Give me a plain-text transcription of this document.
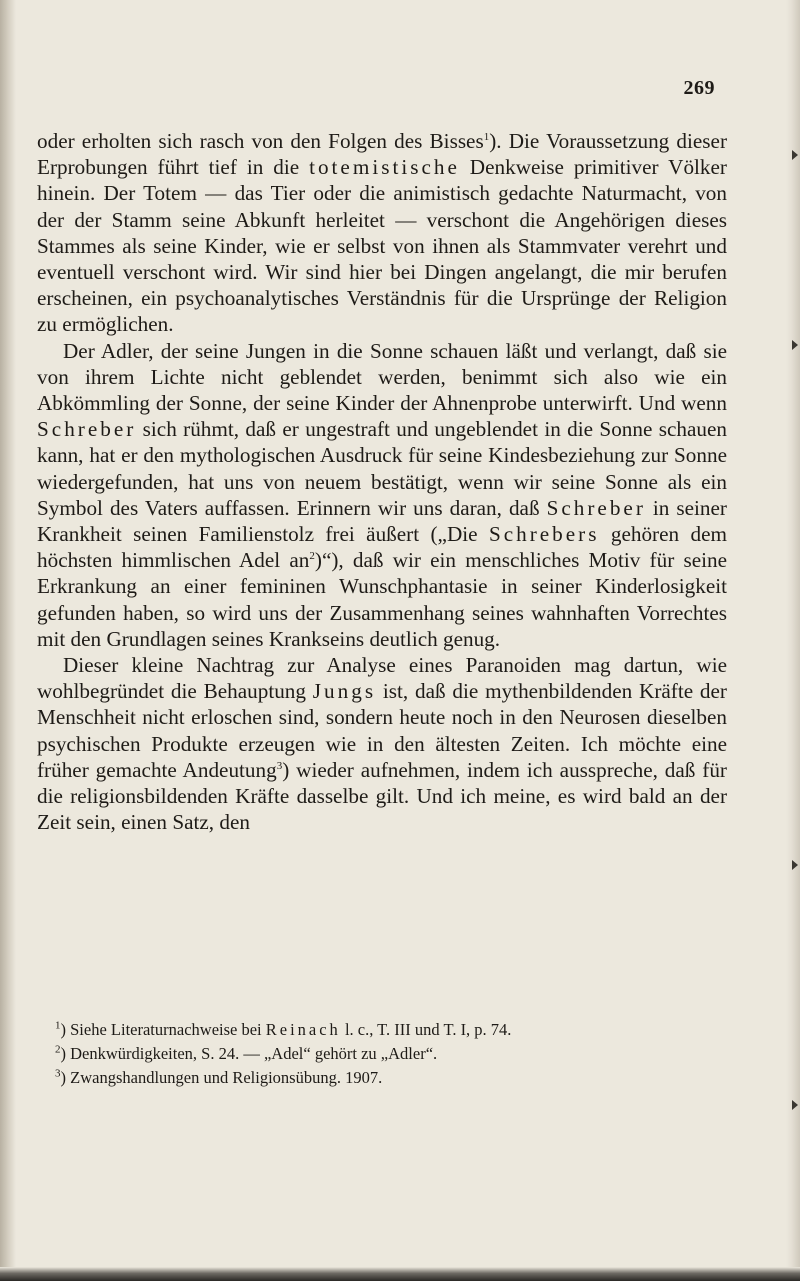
269

oder erholten sich rasch von den Folgen des Bisses$^1$). Die Voraussetzung dieser Erprobungen führt tief in die totemistische Denkweise primitiver Völker hinein. Der Totem — das Tier oder die animistisch gedachte Naturmacht, von der der Stamm seine Abkunft herleitet — verschont die Angehörigen dieses Stammes als seine Kinder, wie er selbst von ihnen als Stammvater verehrt und eventuell verschont wird. Wir sind hier bei Dingen angelangt, die mir berufen erscheinen, ein psychoanalytisches Verständnis für die Ursprünge der Religion zu ermöglichen.

Der Adler, der seine Jungen in die Sonne schauen läßt und verlangt, daß sie von ihrem Lichte nicht geblendet werden, benimmt sich also wie ein Abkömmling der Sonne, der seine Kinder der Ahnenprobe unterwirft. Und wenn Schreber sich rühmt, daß er ungestraft und ungeblendet in die Sonne schauen kann, hat er den mythologischen Ausdruck für seine Kindesbeziehung zur Sonne wiedergefunden, hat uns von neuem bestätigt, wenn wir seine Sonne als ein Symbol des Vaters auffassen. Erinnern wir uns daran, daß Schreber in seiner Krankheit seinen Familienstolz frei äußert („Die Schrebers gehören dem höchsten himmlischen Adel $an^2)“$), daß wir ein menschliches Motiv für seine Erkrankung an einer femininen Wunschphantasie in seiner Kinderlosigkeit gefunden haben, so wird uns der Zusammenhang seines wahnhaften Vorrechtes mit den Grundlagen seines Krankseins deutlich genug.

Dieser kleine Nachtrag zur Analyse eines Paranoiden mag dartun, wie wohlbegründet die Behauptung Jungs ist, daß die mythenbildenden Kräfte der Menschheit nicht erloschen sind, sondern heute noch in den Neurosen dieselben psychischen Produkte erzeugen wie in den ältesten Zeiten. Ich möchte eine früher gemachte Andeutung$^3$) wieder aufnehmen, indem ich ausspreche, daß für die religionsbildenden Kräfte dasselbe gilt. Und ich meine, es wird bald an der Zeit sein, einen Satz, den

$^1$) Siehe Literaturnachweise bei Reinach l. c., T. III und T. I, p. 74.
$^2$) Denkwürdigkeiten, S. 24. — „Adel“ gehört zu „Adler“.
$^3$) Zwangshandlungen und Religionsübung. 1907.
